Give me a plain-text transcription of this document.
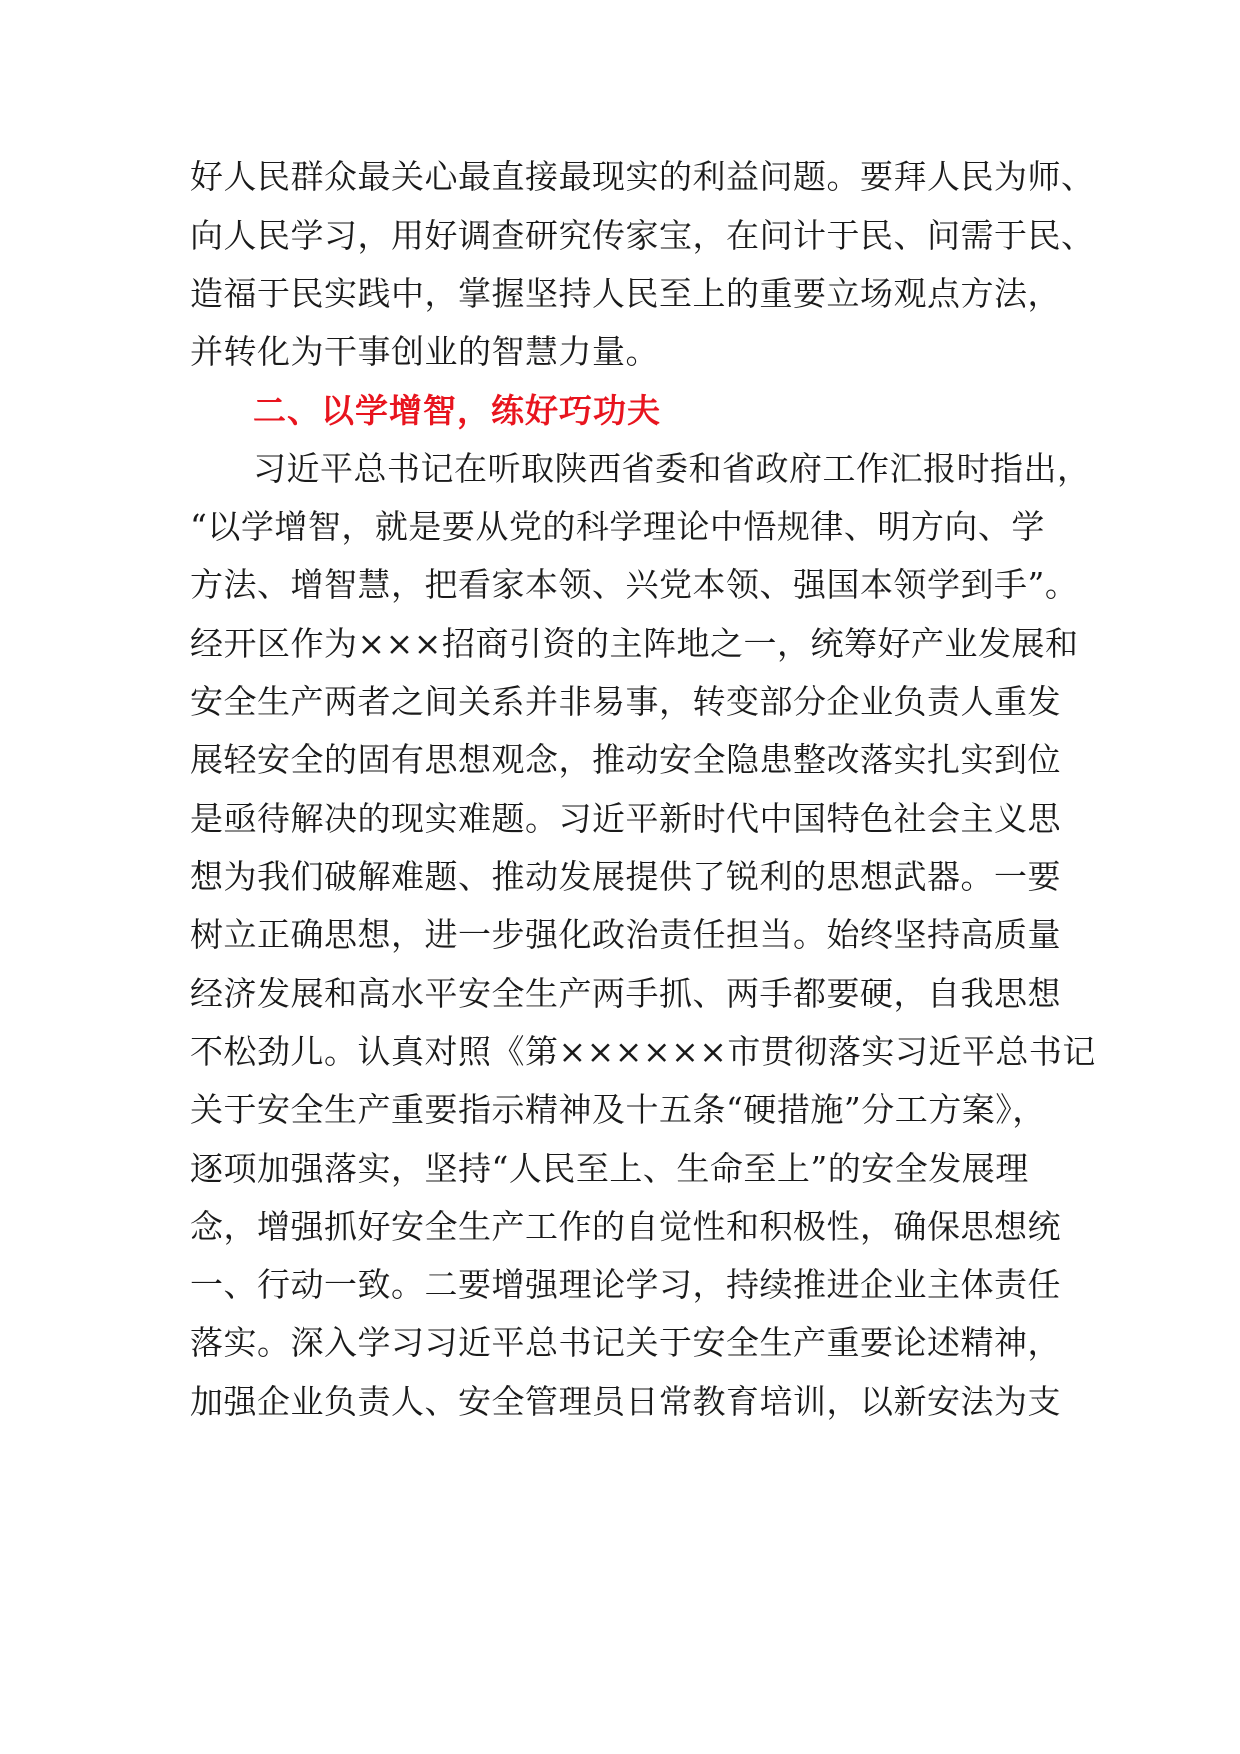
好人民群众最关心最直接最现实的利益问题。要拜人民为师、
向人民学习，用好调查研究传家宝，在问计于民、问需于民、
造福于民实践中，掌握坚持人民至上的重要立场观点方法，
并转化为干事创业的智慧力量。
二、以学增智，练好巧功夫
习近平总书记在听取陕西省委和省政府工作汇报时指出，
“以学增智，就是要从党的科学理论中悟规律、明方向、学
方法、增智慧，把看家本领、兴党本领、强国本领学到手”。
经开区作为×××招商引资的主阵地之一，统筹好产业发展和
安全生产两者之间关系并非易事，转变部分企业负责人重发
展轻安全的固有思想观念，推动安全隐患整改落实扎实到位
是亟待解决的现实难题。习近平新时代中国特色社会主义思
想为我们破解难题、推动发展提供了锐利的思想武器。一要
树立正确思想，进一步强化政治责任担当。始终坚持高质量
经济发展和高水平安全生产两手抓、两手都要硬，自我思想
不松劲儿。认真对照《第××××××市贯彻落实习近平总书记
关于安全生产重要指示精神及十五条“硬措施”分工方案》，
逐项加强落实，坚持“人民至上、生命至上”的安全发展理
念，增强抓好安全生产工作的自觉性和积极性，确保思想统
一、行动一致。二要增强理论学习，持续推进企业主体责任
落实。深入学习习近平总书记关于安全生产重要论述精神，
加强企业负责人、安全管理员日常教育培训，以新安法为支
